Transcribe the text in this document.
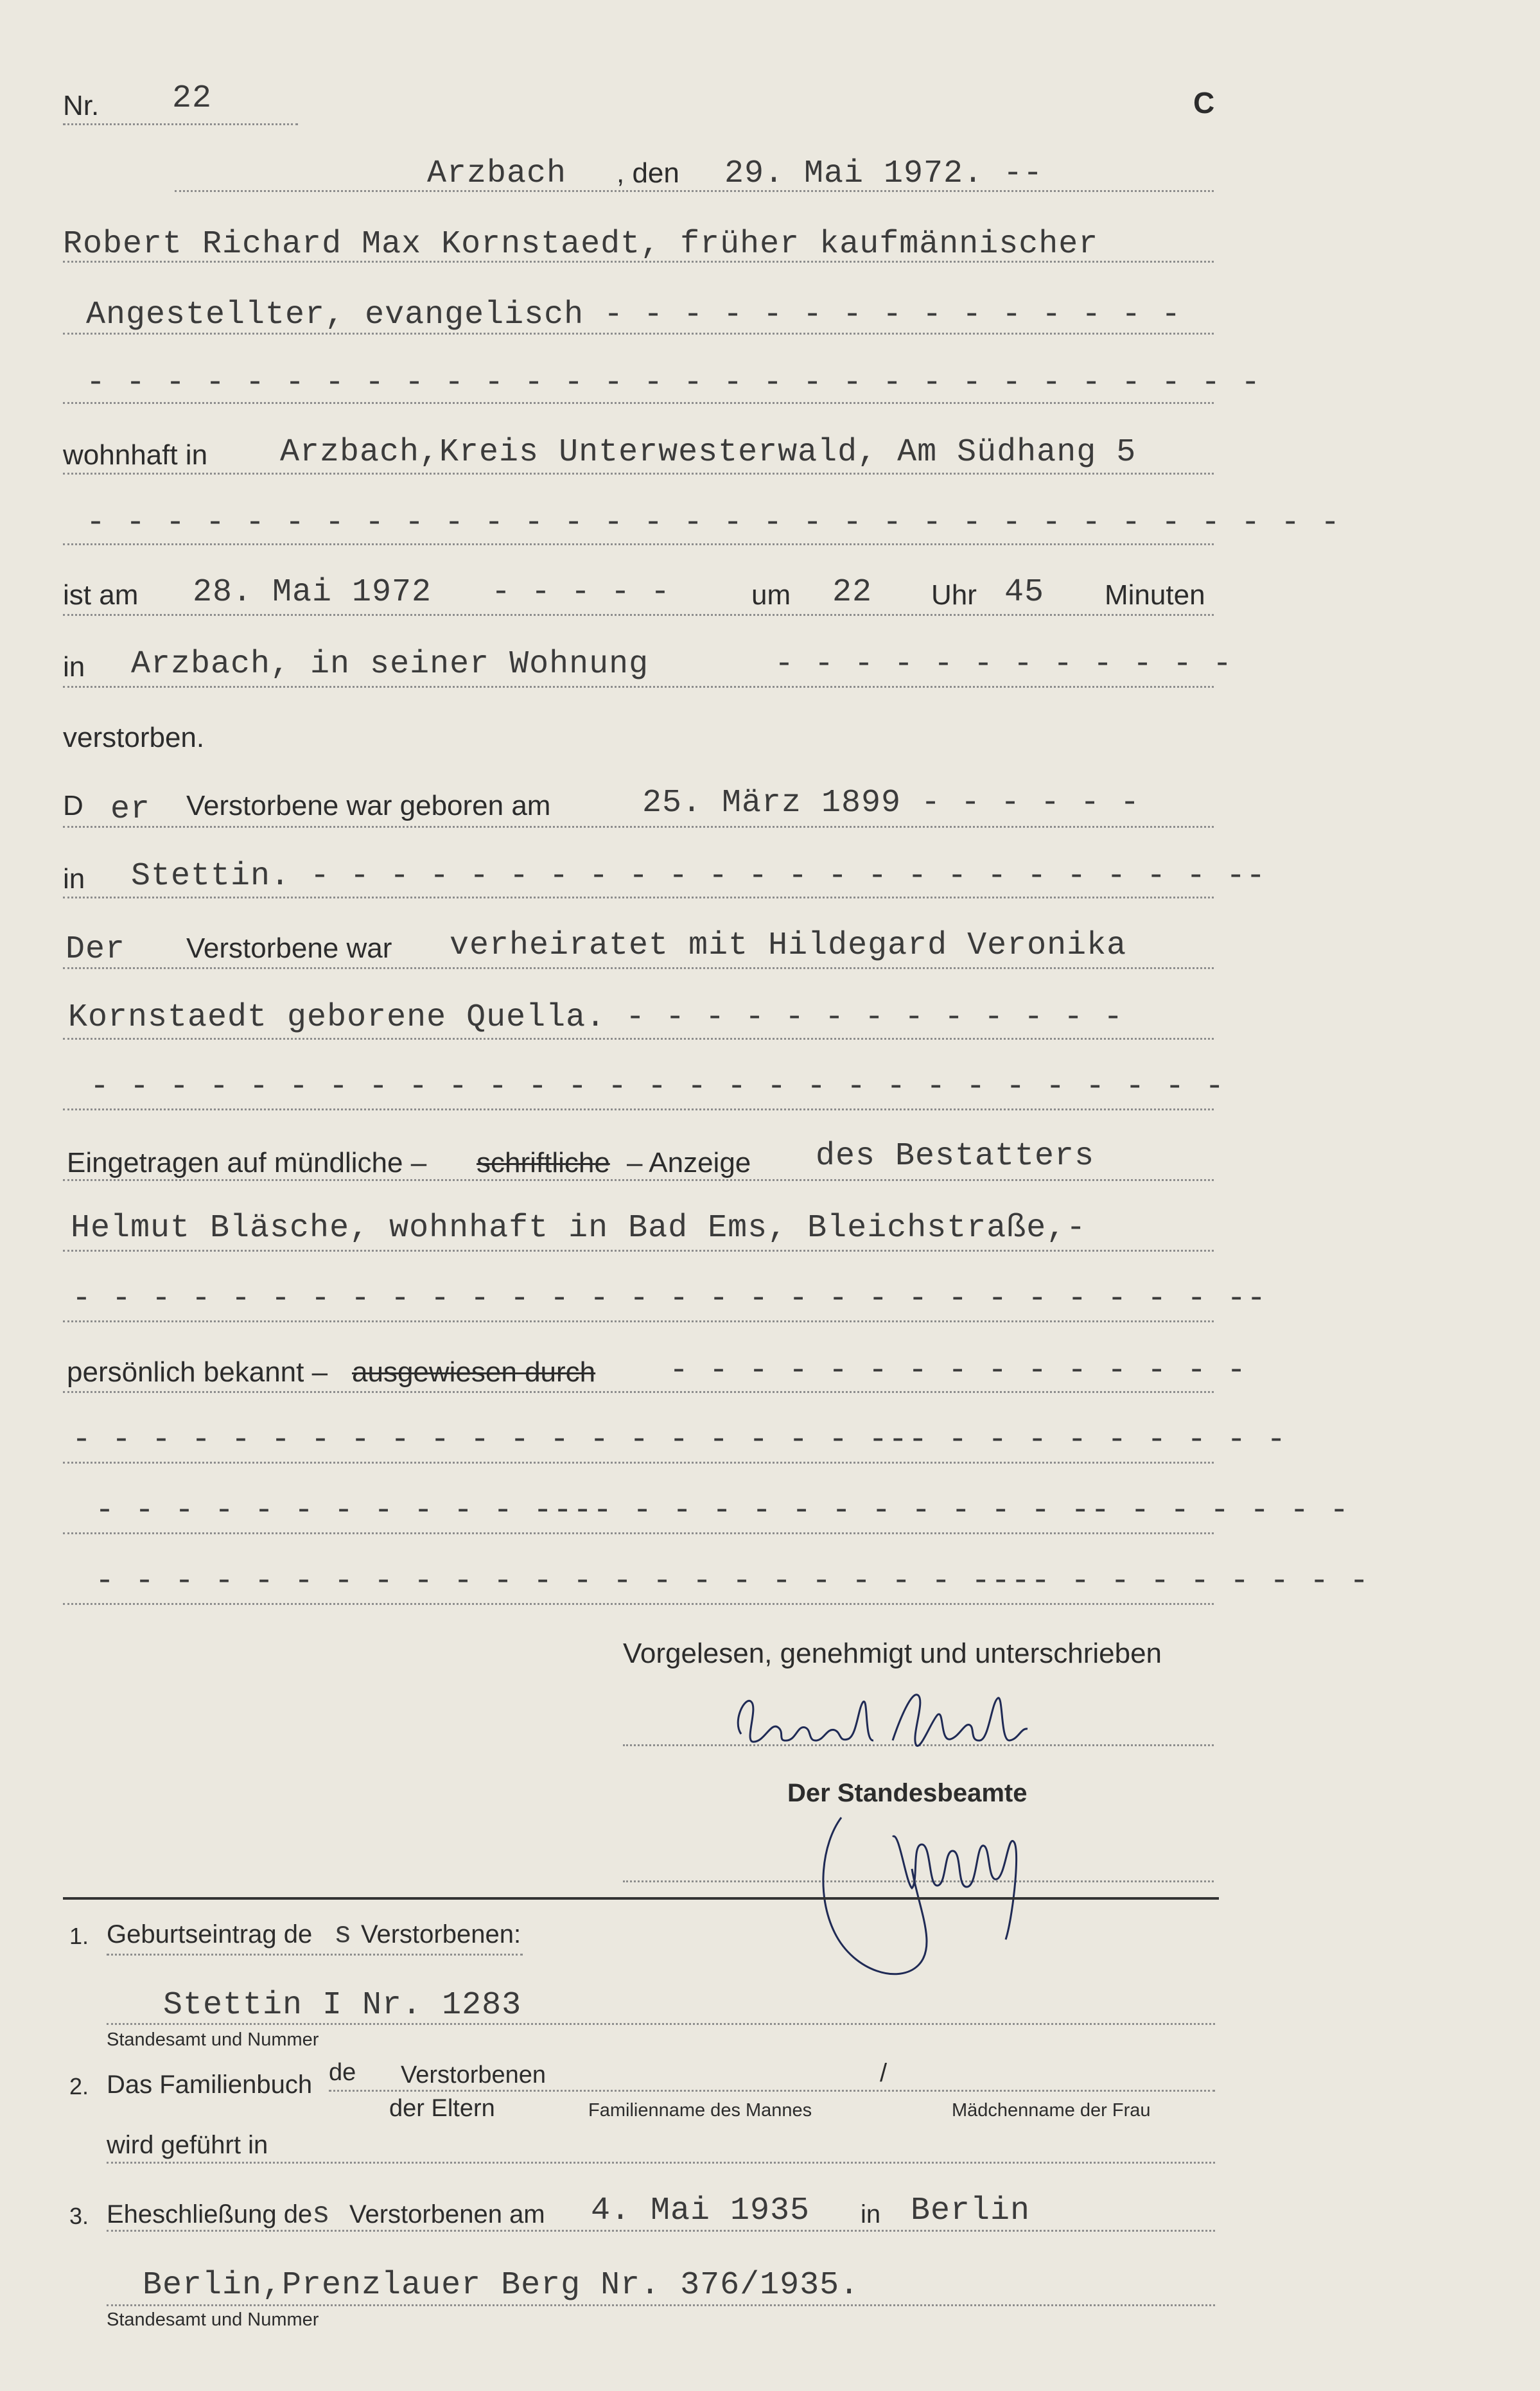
Nr. 22	C
Arzbach , den 29. Mai 1972. --
Robert Richard Max Kornstaedt, früher kaufmännischer
Angestellter, evangelisch - - - - - - - - - - - - - - -
- - - - - - - - - - - - - - - - - - - - - - - - - - - - - -
wohnhaft in Arzbach,Kreis Unterwesterwald, Am Südhang 5
- - - - - - - - - - - - - - - - - - - - - - - - - - - - - - - -
ist am 28. Mai 1972 - - - - -	um 22 Uhr 45 Minuten
in Arzbach, in seiner Wohnung	- - - - - - - - - - - -
verstorben.
D er Verstorbene war geboren am	25. März 1899 - - - - - -
in Stettin. - - - - - - - - - - - - - - - - - - - - - - - --
Der Verstorbene war verheiratet mit Hildegard Veronika
Kornstaedt geborene Quella. - - - - - - - - - - - - -
- - - - - - - - - - - - - - - - - - - - - - - - - - - - -
Eingetragen auf mündliche – schriftliche – Anzeige des Bestatters
Helmut Bläsche, wohnhaft in Bad Ems, Bleichstraße,-
- - - - - - - - - - - - - - - - - - - - - - - - - - - - - --
persönlich bekannt – ausgewiesen durch - - - - - - - - - - - - - - -
- - - - - - - - - - - - - - - - - - - - --- - - - - - - - - -
- - - - - - - - - - - ---- - - - - - - - - - - - -- - - - - - -
- - - - - - - - - - - - - - - - - - - - - - ---- - - - - - - - -
Vorgelesen, genehmigt und unterschrieben
Der Standesbeamte
1. Geburtseintrag de s Verstorbenen:
Stettin I Nr. 1283
Standesamt und Nummer
2. Das Familienbuch de Verstorbenen	/
der Eltern	Familienname des Mannes	Mädchenname der Frau
wird geführt in
3. Eheschließung de s Verstorbenen am 4. Mai 1935 in Berlin
Berlin,Prenzlauer Berg Nr. 376/1935.
Standesamt und Nummer
